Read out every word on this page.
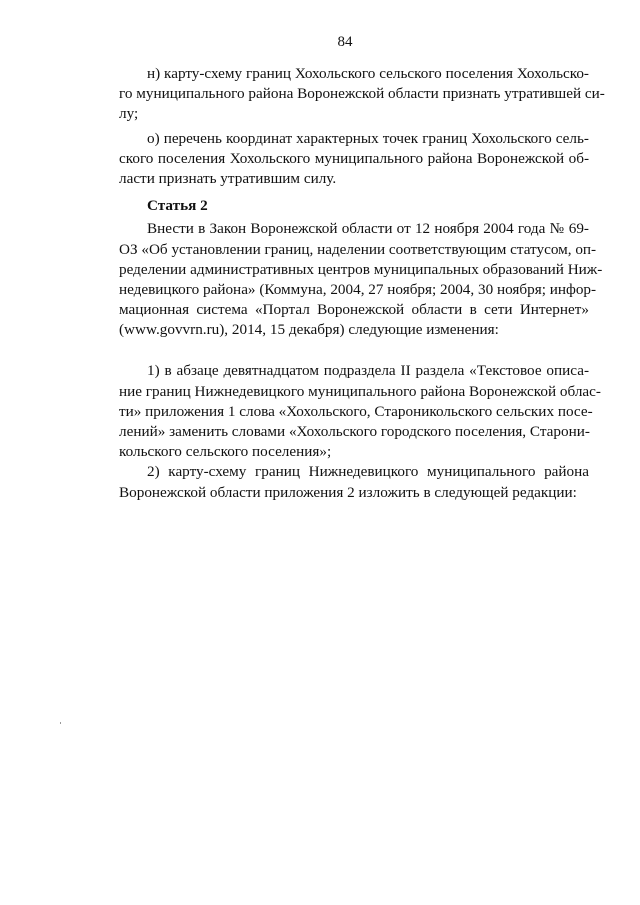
84
н) карту-схему границ Хохольского сельского поселения Хохольско-
го муниципального района Воронежской области признать утратившей си-
лу;
о) перечень координат характерных точек границ Хохольского сель-
ского поселения Хохольского муниципального района Воронежской об-
ласти признать утратившим силу.
Статья 2
Внести в Закон Воронежской области от 12 ноября 2004 года № 69-
ОЗ «Об установлении границ, наделении соответствующим статусом, оп-
ределении административных центров муниципальных образований Ниж-
недевицкого района» (Коммуна, 2004, 27 ноября; 2004, 30 ноября; инфор-
мационная система «Портал Воронежской области в сети Интернет»
(www.govvrn.ru), 2014, 15 декабря) следующие изменения:
1) в абзаце девятнадцатом подраздела II раздела «Текстовое описа-
ние границ Нижнедевицкого муниципального района Воронежской облас-
ти» приложения 1 слова «Хохольского, Староникольского сельских посе-
лений» заменить словами «Хохольского городского поселения, Старони-
кольского сельского поселения»;
2) карту-схему границ Нижнедевицкого муниципального района
Воронежской области приложения 2 изложить в следующей редакции:
